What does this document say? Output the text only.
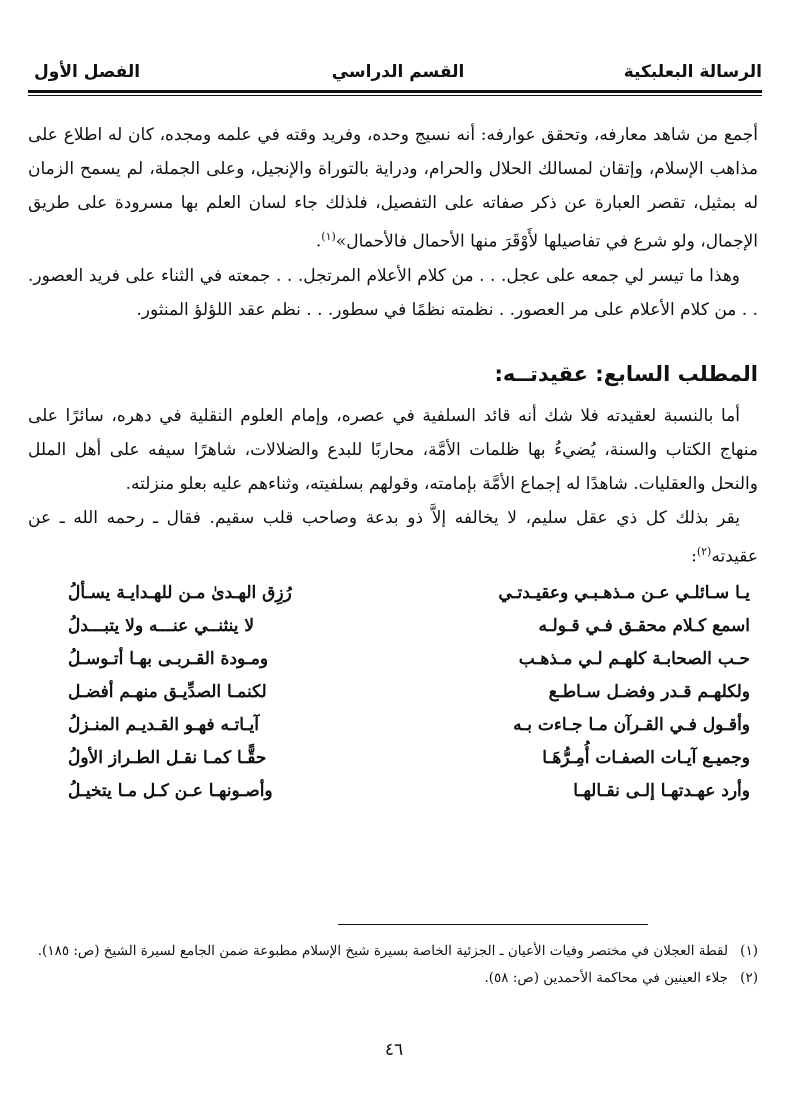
الرسالة البعلبكية
القسم الدراسي
الفصل الأول

أجمع من شاهد معارفه، وتحقق عوارفه: أنه نسيج وحده، وفريد وقته في علمه ومجده، كان له اطلاع على مذاهب الإسلام، وإتقان لمسالك الحلال والحرام، ودراية بالتوراة والإنجيل، وعلى الجملة، لم يسمح الزمان له بمثيل، تقصر العبارة عن ذكر صفاته على التفصيل، فلذلك جاء لسان العلم بها مسرودة على طريق الإجمال، ولو شرع في تفاصيلها لأَوْقَرَ منها الأحمال فالأحمال»$^{(١)}$.

وهذا ما تيسر لي جمعه على عجل. . . من كلام الأعلام المرتجل. . . جمعته في الثناء على فريد العصور. . . من كلام الأعلام على مر العصور. . نظمته نظمًا في سطور. . . نظم عقد اللؤلؤ المنثور.

المطلب السابع: عقيدتــه:

أما بالنسبة لعقيدته فلا شك أنه قائد السلفية في عصره، وإمام العلوم النقلية في دهره، سائرًا على منهاج الكتاب والسنة، يُضيءُ بها ظلمات الأمَّة، محاربًا للبدع والضلالات، شاهرًا سيفه على أهل الملل والنحل والعقليات. شاهدًا له إجماع الأمَّة بإمامته، وقولهم بسلفيته، وثناءهم عليه بعلو منزلته.

يقر بذلك كل ذي عقل سليم، لا يخالفه إلاَّ ذو بدعة وصاحب قلب سقيم. فقال ـ رحمه الله ـ عن عقيدته$^{(٢)}$:

يـا سـائلـي عـن مـذهـبـي وعقيـدتـي
رُزِق الهـدىٰ مـن للهـدايـة يسـألُ
اسمع كـلام محقـق فـي قـولـه
لا ينثنــي عنـــه ولا يتبـــدلُ
حـب الصحابـة كلهـم لـي مـذهـب
ومـودة القـربـى بهـا أتـوسـلُ
ولكلهـم قـدر وفضـل سـاطـع
لكنمـا الصدِّيـق منهـم أفضـل
وأقـول فـي القـرآن مـا جـاءت بـه
آيـاتـه فهـو القـديـم المنـزلُ
وجميـع آيـات الصفـات أُمِـرُّهَـا
حقًّـا كمـا نقـل الطـراز الأولُ
وأرد عهـدتهـا إلـى نقـالهـا
وأصـونهـا عـن كـل مـا يتخيـلُ
(١)
لقطة العجلان في مختصر وفيات الأعيان ـ الجزئية الخاصة بسيرة شيخ الإسلام مطبوعة ضمن الجامع لسيرة الشيخ (ص: ١٨٥).
(٢)
جلاء العينين في محاكمة الأحمدين (ص: ٥٨).
٤٦
